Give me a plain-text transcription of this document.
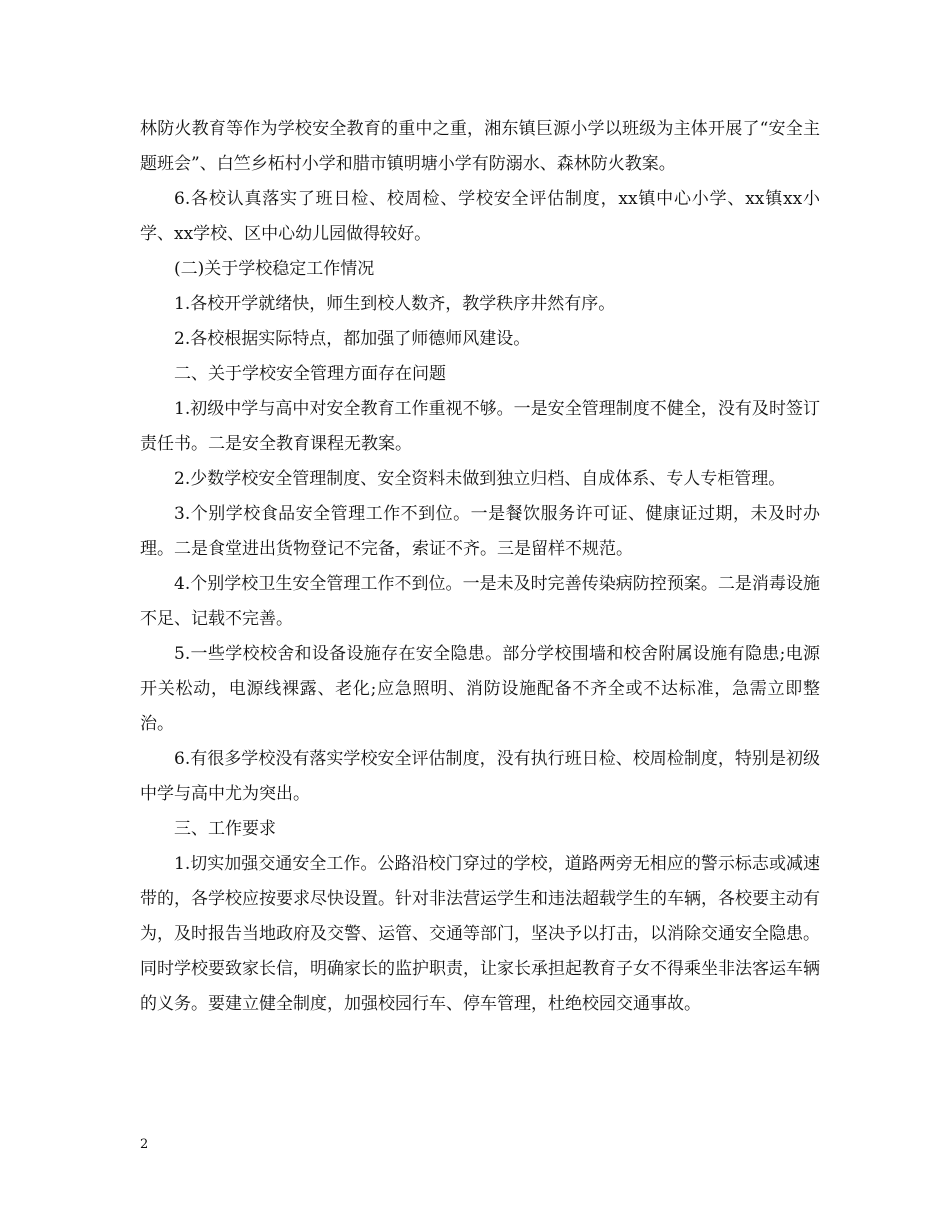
林防火教育等作为学校安全教育的重中之重，湘东镇巨源小学以班级为主体开展了“安全主题班会”、白竺乡柘村小学和腊市镇明塘小学有防溺水、森林防火教案。

6.各校认真落实了班日检、校周检、学校安全评估制度，xx镇中心小学、xx镇xx小学、xx学校、区中心幼儿园做得较好。

(二)关于学校稳定工作情况

1.各校开学就绪快，师生到校人数齐，教学秩序井然有序。

2.各校根据实际特点，都加强了师德师风建设。

二、关于学校安全管理方面存在问题

1.初级中学与高中对安全教育工作重视不够。一是安全管理制度不健全，没有及时签订责任书。二是安全教育课程无教案。

2.少数学校安全管理制度、安全资料未做到独立归档、自成体系、专人专柜管理。

3.个别学校食品安全管理工作不到位。一是餐饮服务许可证、健康证过期，未及时办理。二是食堂进出货物登记不完备，索证不齐。三是留样不规范。

4.个别学校卫生安全管理工作不到位。一是未及时完善传染病防控预案。二是消毒设施不足、记载不完善。

5.一些学校校舍和设备设施存在安全隐患。部分学校围墙和校舍附属设施有隐患;电源开关松动，电源线裸露、老化;应急照明、消防设施配备不齐全或不达标准，急需立即整治。

6.有很多学校没有落实学校安全评估制度，没有执行班日检、校周检制度，特别是初级中学与高中尤为突出。

三、工作要求

1.切实加强交通安全工作。公路沿校门穿过的学校，道路两旁无相应的警示标志或减速带的，各学校应按要求尽快设置。针对非法营运学生和违法超载学生的车辆，各校要主动有为，及时报告当地政府及交警、运管、交通等部门，坚决予以打击，以消除交通安全隐患。同时学校要致家长信，明确家长的监护职责，让家长承担起教育子女不得乘坐非法客运车辆的义务。要建立健全制度，加强校园行车、停车管理，杜绝校园交通事故。

2
